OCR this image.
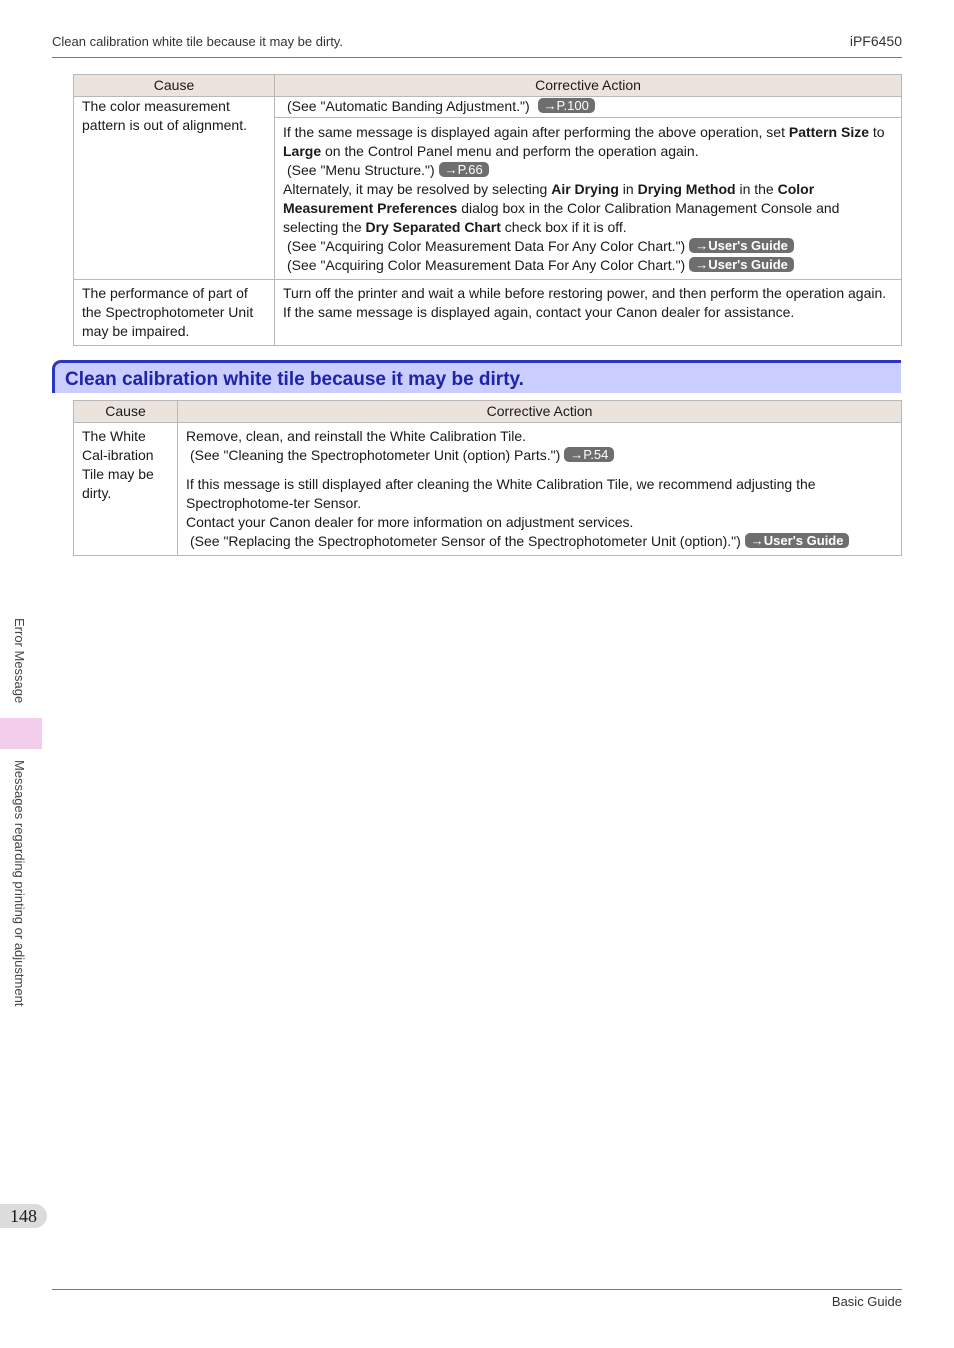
Clean calibration white tile because it may be dirty.	iPF6450
Cause	Corrective Action
The color measurement pattern is out of alignment.	(See "Automatic Banding Adjustment.") →P.100

	If the same message is displayed again after performing the above operation, set Pattern Size to Large on the Control Panel menu and perform the operation again.
(See "Menu Structure.") →P.66
Alternately, it may be resolved by selecting Air Drying in Drying Method in the Color Measurement Preferences dialog box in the Color Calibration Management Console and selecting the Dry Separated Chart check box if it is off.
(See "Acquiring Color Measurement Data For Any Color Chart.") →User's Guide
(See "Acquiring Color Measurement Data For Any Color Chart.") →User's Guide

The performance of part of the Spectrophotometer Unit may be impaired.	Turn off the printer and wait a while before restoring power, and then perform the operation again.
If the same message is displayed again, contact your Canon dealer for assistance.
Clean calibration white tile because it may be dirty.
Cause	Corrective Action
The White Cal-ibration Tile may be dirty.	Remove, clean, and reinstall the White Calibration Tile.
(See "Cleaning the Spectrophotometer Unit (option) Parts.") →P.54
If this message is still displayed after cleaning the White Calibration Tile, we recommend adjusting the Spectrophotome-ter Sensor.
Contact your Canon dealer for more information on adjustment services.
(See "Replacing the Spectrophotometer Sensor of the Spectrophotometer Unit (option).") →User's Guide
Error Message
Messages regarding printing or adjustment
148
Basic Guide
